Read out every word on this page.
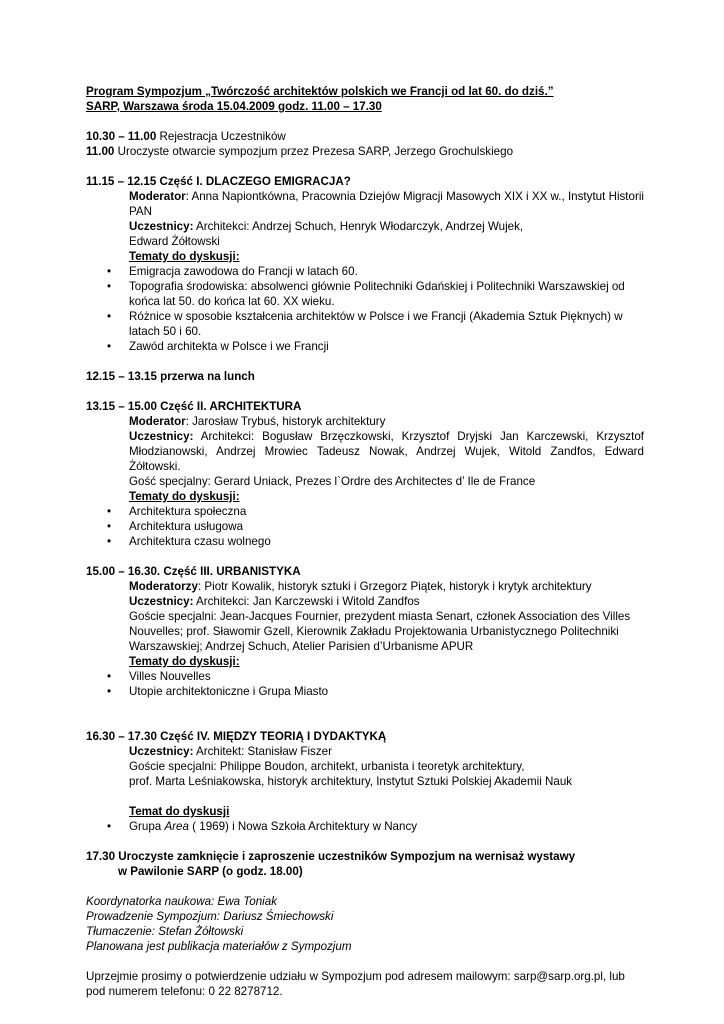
Program Sympozjum „Twórczość architektów polskich we Francji od lat 60. do dziś.”
SARP, Warszawa środa 15.04.2009 godz. 11.00 – 17.30
10.30 – 11.00 Rejestracja Uczestników
11.00 Uroczyste otwarcie sympozjum przez Prezesa SARP, Jerzego Grochulskiego
11.15 – 12.15 Część I. DLACZEGO EMIGRACJA?
Moderator: Anna Napiontkówna, Pracownia Dziejów Migracji Masowych XIX i XX w., Instytut Historii PAN
Uczestnicy: Architekci: Andrzej Schuch, Henryk Włodarczyk, Andrzej Wujek,
Edward Żółtowski
Tematy do dyskusji:
• Emigracja zawodowa do Francji w latach 60.
• Topografia środowiska: absolwenci głównie Politechniki Gdańskiej i Politechniki Warszawskiej od końca lat 50. do końca lat 60. XX wieku.
• Różnice w sposobie kształcenia architektów w Polsce i we Francji (Akademia Sztuk Pięknych) w latach 50 i 60.
• Zawód architekta w Polsce i we Francji
12.15 – 13.15 przerwa na lunch
13.15 – 15.00 Część II. ARCHITEKTURA
Moderator: Jarosław Trybuś, historyk architektury
Uczestnicy: Architekci: Bogusław Brzęczkowski, Krzysztof Dryjski Jan Karczewski, Krzysztof Młodzianowski, Andrzej Mrowiec Tadeusz Nowak, Andrzej Wujek, Witold Zandfos, Edward Żółtowski.
Gość specjalny: Gerard Uniack, Prezes l`Ordre des Architectes d’ Ile de France
Tematy do dyskusji:
• Architektura społeczna
• Architektura usługowa
• Architektura czasu wolnego
15.00 – 16.30. Część III. URBANISTYKA
Moderatorzy: Piotr Kowalik, historyk sztuki i Grzegorz Piątek, historyk i krytyk architektury
Uczestnicy: Architekci: Jan Karczewski i Witold Zandfos
Goście specjalni: Jean-Jacques Fournier, prezydent miasta Senart, członek Association des Villes Nouvelles; prof. Sławomir Gzell, Kierownik Zakładu Projektowania Urbanistycznego Politechniki Warszawskiej; Andrzej Schuch, Atelier Parisien d’Urbanisme APUR
Tematy do dyskusji:
• Villes Nouvelles
• Utopie architektoniczne i Grupa Miasto
16.30 – 17.30 Część IV. MIĘDZY TEORIĄ I DYDAKTYKĄ
Uczestnicy: Architekt: Stanisław Fiszer
Goście specjalni: Philippe Boudon, architekt, urbanista i teoretyk architektury,
prof. Marta Leśniakowska, historyk architektury, Instytut Sztuki Polskiej Akademii Nauk
Temat do dyskusji
• Grupa Area ( 1969) i Nowa Szkoła Architektury w Nancy
17.30 Uroczyste zamknięcie i zaproszenie uczestników Sympozjum na wernisaż wystawy
w Pawilonie SARP (o godz. 18.00)
Koordynatorka naukowa: Ewa Toniak
Prowadzenie Sympozjum: Dariusz Śmiechowski
Tłumaczenie: Stefan Żółtowski
Planowana jest publikacja materiałów z Sympozjum
Uprzejmie prosimy o potwierdzenie udziału w Sympozjum pod adresem mailowym: sarp@sarp.org.pl, lub pod numerem telefonu: 0 22 8278712.
